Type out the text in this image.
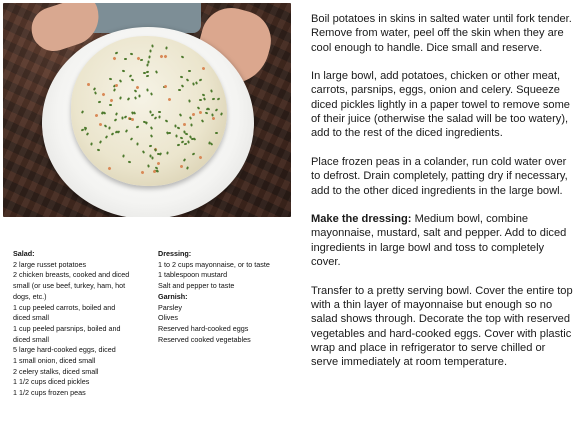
Salad:
2 large russet potatoes
2 chicken breasts, cooked and diced
small (or use beef, turkey, ham, hot
dogs, etc.)
1 cup peeled carrots, boiled and
diced small
1 cup peeled parsnips, boiled and
diced small
5 large hard-cooked eggs, diced
1 small onion, diced small
2 celery stalks, diced small
1 1/2 cups diced pickles
1 1/2 cups frozen peas
Dressing:
1 to 2 cups mayonnaise, or to taste
1 tablespoon mustard
Salt and pepper to taste
Garnish:
Parsley
Olives
Reserved hard-cooked eggs
Reserved cooked vegetables

Boil potatoes in skins in salted water until fork tender. Remove from water, peel off the skin when they are cool enough to handle. Dice small and reserve.

In large bowl, add potatoes, chicken or other meat, carrots, parsnips, eggs, onion and celery. Squeeze diced pickles lightly in a paper towel to remove some of their juice (otherwise the salad will be too watery), add to the rest of the diced ingredients.

Place frozen peas in a colander, run cold water over to defrost. Drain completely, patting dry if necessary, add to the other diced ingredients in the large bowl.

Make the dressing: Medium bowl, combine mayonnaise, mustard, salt and pepper. Add to diced ingredients in large bowl and toss to completely cover.

Transfer to a pretty serving bowl. Cover the entire top with a thin layer of mayonnaise but enough so no salad shows through. Decorate the top with reserved vegetables and hard-cooked eggs. Cover with plastic wrap and place in refrigerator to serve chilled or serve immediately at room temperature.
